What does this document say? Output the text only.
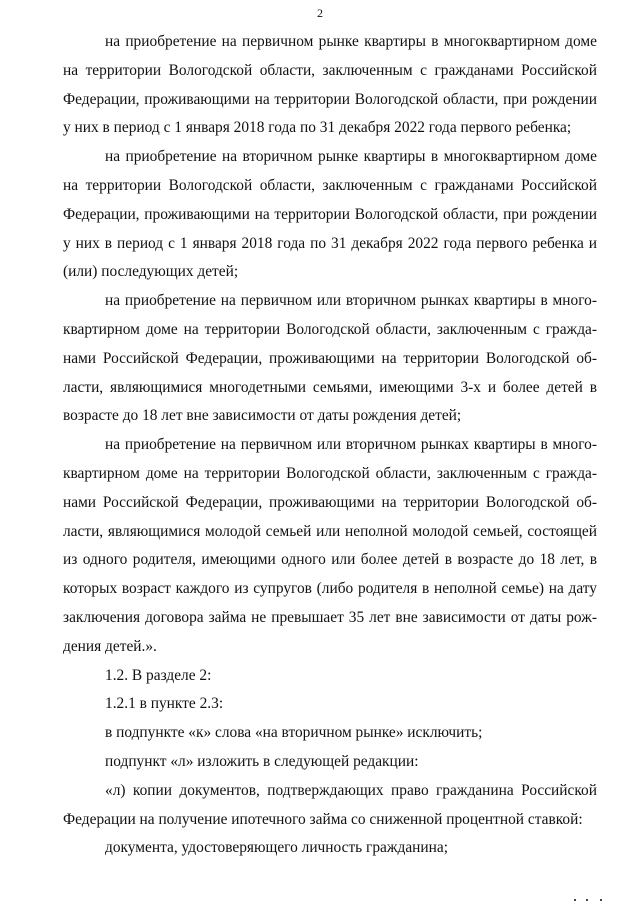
2

на приобретение на первичном рынке квартиры в многоквартирном доме на территории Вологодской области, заключенным с гражданами Российской Федерации, проживающими на территории Вологодской области, при рождении у них в период с 1 января 2018 года по 31 декабря 2022 года первого ребенка;

на приобретение на вторичном рынке квартиры в многоквартирном доме на территории Вологодской области, заключенным с гражданами Российской Федерации, проживающими на территории Вологодской области, при рождении у них в период с 1 января 2018 года по 31 декабря 2022 года первого ребенка и (или) последующих детей;

на приобретение на первичном или вторичном рынках квартиры в многоквартирном доме на территории Вологодской области, заключенным с гражданами Российской Федерации, проживающими на территории Вологодской области, являющимися многодетными семьями, имеющими 3-х и более детей в возрасте до 18 лет вне зависимости от даты рождения детей;

на приобретение на первичном или вторичном рынках квартиры в многоквартирном доме на территории Вологодской области, заключенным с гражданами Российской Федерации, проживающими на территории Вологодской области, являющимися молодой семьей или неполной молодой семьей, состоящей из одного родителя, имеющими одного или более детей в возрасте до 18 лет, в которых возраст каждого из супругов (либо родителя в неполной семье) на дату заключения договора займа не превышает 35 лет вне зависимости от даты рождения детей.».

1.2. В разделе 2:

1.2.1 в пункте 2.3:

в подпункте «к» слова «на вторичном рынке» исключить;

подпункт «л» изложить в следующей редакции:

«л) копии документов, подтверждающих право гражданина Российской Федерации на получение ипотечного займа со сниженной процентной ставкой:

документа, удостоверяющего личность гражданина;
